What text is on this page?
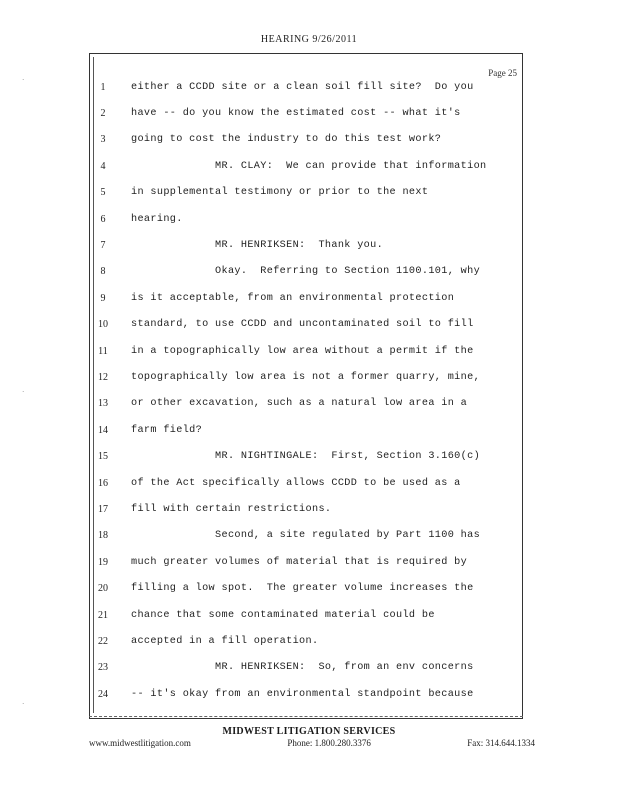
HEARING 9/26/2011
Page 25
1	either a CCDD site or a clean soil fill site?  Do you
2	have -- do you know the estimated cost -- what it's
3	going to cost the industry to do this test work?
4	MR. CLAY:  We can provide that information
5	in supplemental testimony or prior to the next
6	hearing.
7	MR. HENRIKSEN:  Thank you.
8	Okay.  Referring to Section 1100.101, why
9	is it acceptable, from an environmental protection
10	standard, to use CCDD and uncontaminated soil to fill
11	in a topographically low area without a permit if the
12	topographically low area is not a former quarry, mine,
13	or other excavation, such as a natural low area in a
14	farm field?
15	MR. NIGHTINGALE:  First, Section 3.160(c)
16	of the Act specifically allows CCDD to be used as a
17	fill with certain restrictions.
18	Second, a site regulated by Part 1100 has
19	much greater volumes of material that is required by
20	filling a low spot.  The greater volume increases the
21	chance that some contaminated material could be
22	accepted in a fill operation.
23	MR. HENRIKSEN:  So, from an env concerns
24	-- it's okay from an environmental standpoint because
MIDWEST LITIGATION SERVICES
www.midwestlitigation.com	Phone: 1.800.280.3376	Fax: 314.644.1334
·
·
·
